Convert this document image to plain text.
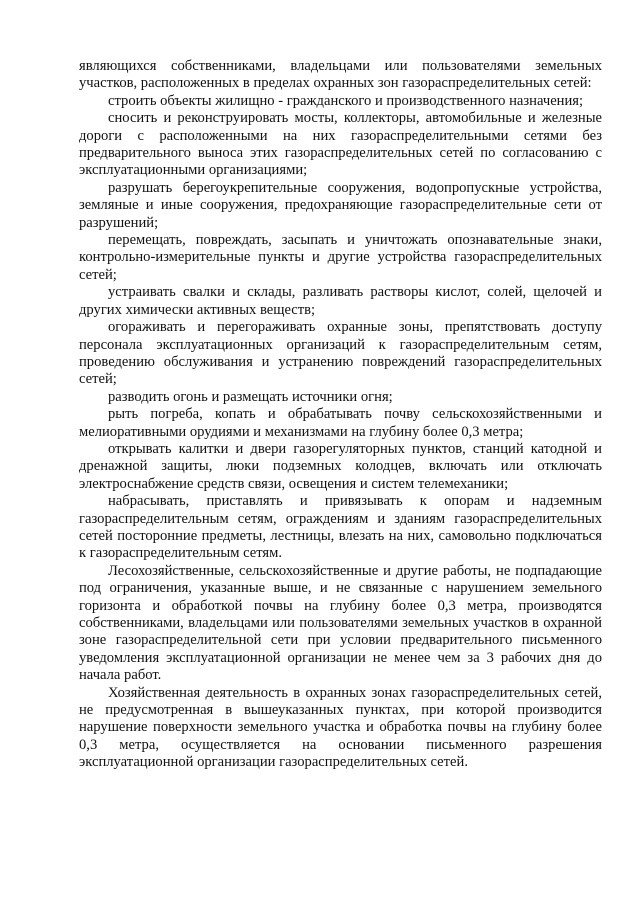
являющихся собственниками, владельцами или пользователями земельных участков, расположенных в пределах охранных зон газораспределительных сетей:

строить объекты жилищно - гражданского и производственного назначения;

сносить и реконструировать мосты, коллекторы, автомобильные и железные дороги с расположенными на них газораспределительными сетями без предварительного выноса этих газораспределительных сетей по согласованию с эксплуатационными организациями;

разрушать берегоукрепительные сооружения, водопропускные устройства, земляные и иные сооружения, предохраняющие газораспределительные сети от разрушений;

перемещать, повреждать, засыпать и уничтожать опознавательные знаки, контрольно-измерительные пункты и другие устройства газораспределительных сетей;

устраивать свалки и склады, разливать растворы кислот, солей, щелочей и других химически активных веществ;

огораживать и перегораживать охранные зоны, препятствовать доступу персонала эксплуатационных организаций к газораспределительным сетям, проведению обслуживания и устранению повреждений газораспределительных сетей;

разводить огонь и размещать источники огня;

рыть погреба, копать и обрабатывать почву сельскохозяйственными и мелиоративными орудиями и механизмами на глубину более 0,3 метра;

открывать калитки и двери газорегуляторных пунктов, станций катодной и дренажной защиты, люки подземных колодцев, включать или отключать электроснабжение средств связи, освещения и систем телемеханики;

набрасывать, приставлять и привязывать к опорам и надземным газораспределительным сетям, ограждениям и зданиям газораспределительных сетей посторонние предметы, лестницы, влезать на них, самовольно подключаться к газораспределительным сетям.

Лесохозяйственные, сельскохозяйственные и другие работы, не подпадающие под ограничения, указанные выше, и не связанные с нарушением земельного горизонта и обработкой почвы на глубину более 0,3 метра, производятся собственниками, владельцами или пользователями земельных участков в охранной зоне газораспределительной сети при условии предварительного письменного уведомления эксплуатационной организации не менее чем за 3 рабочих дня до начала работ.

Хозяйственная деятельность в охранных зонах газораспределительных сетей, не предусмотренная в вышеуказанных пунктах, при которой производится нарушение поверхности земельного участка и обработка почвы на глубину более 0,3 метра, осуществляется на основании письменного разрешения эксплуатационной организации газораспределительных сетей.
